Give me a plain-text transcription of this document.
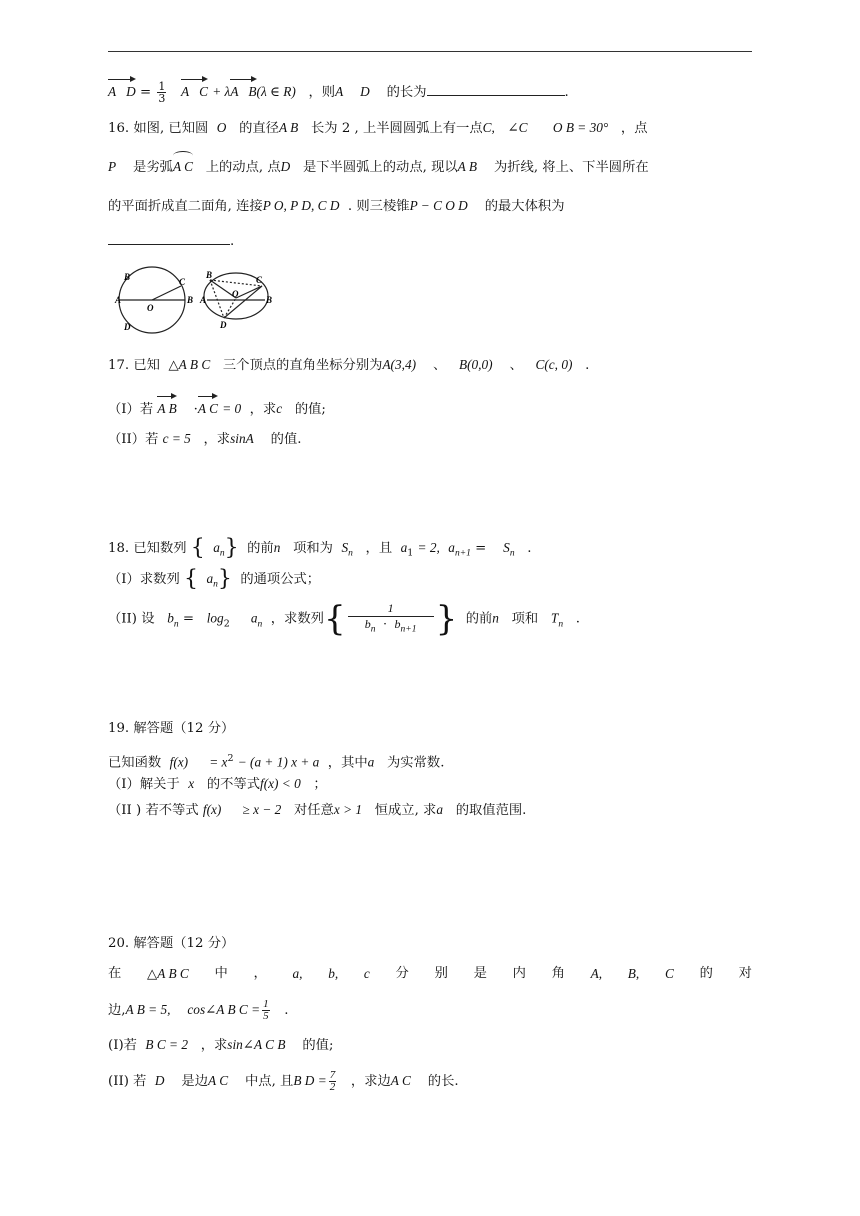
A $D = \frac{1}{3}$ A C + λA B(λ ∈ R) ，则A D 的长为	.
16. 如图, 已知圆 O 的直径A B 长为 2 , 上半圆圆弧上有一点C, ∠C O B = 30° ，点
P 是劣弧A C 上的动点, 点D 是下半圆弧上的动点, 现以A B 为折线, 将上、下半圆所在
的平面折成直二面角, 连接P O, P D, C D . 则三棱锥P − C O D 的最大体积为
.
B	C
A
O
B
D
B	C
A
O
B
D
17. 已知 △A B C 三个顶点的直角坐标分别为A(3,4) 、 B(0,0) 、 C(c, 0) .
（I）若 A B ·A C = 0 ，求c 的值;
（II）若 c = 5 ，求sinA 的值.
18. 已知数列 { $a_n$} 的前n 项和为 $S_n$ ，且 $a_1 = 2$, $a_{n+1} = S_n$ .
（I）求数列 { $a_n$} 的通项公式；
（II) 设 $b_n = \log_2 a_n$ ，求数列 { $\frac{1}{b_n \cdot b_{n+1}}$ } 的前n 项和 $T_n$ .
19. 解答题（12 分）
已知函数 $f(x) = x^2 - (a + 1) x + a$ ，其中a 为实常数.
（I）解关于 x 的不等式f(x) < 0 ；
（II ) 若不等式 f(x) ≥ x − 2 对任意x > 1 恒成立, 求a 的取值范围.
20. 解答题（12 分）
在 △A B C 中 ， a, b, c 分 别 是 内 角 A, B, C 的 对
边,A B = 5, cos∠A B $C = \frac{1}{5}$ .
(I)若 B C = 2 ，求sin∠A C B 的值;
(II) 若 D 是边A C 中点, 且B $D = \frac{7}{2}$ ，求边A C 的长.
